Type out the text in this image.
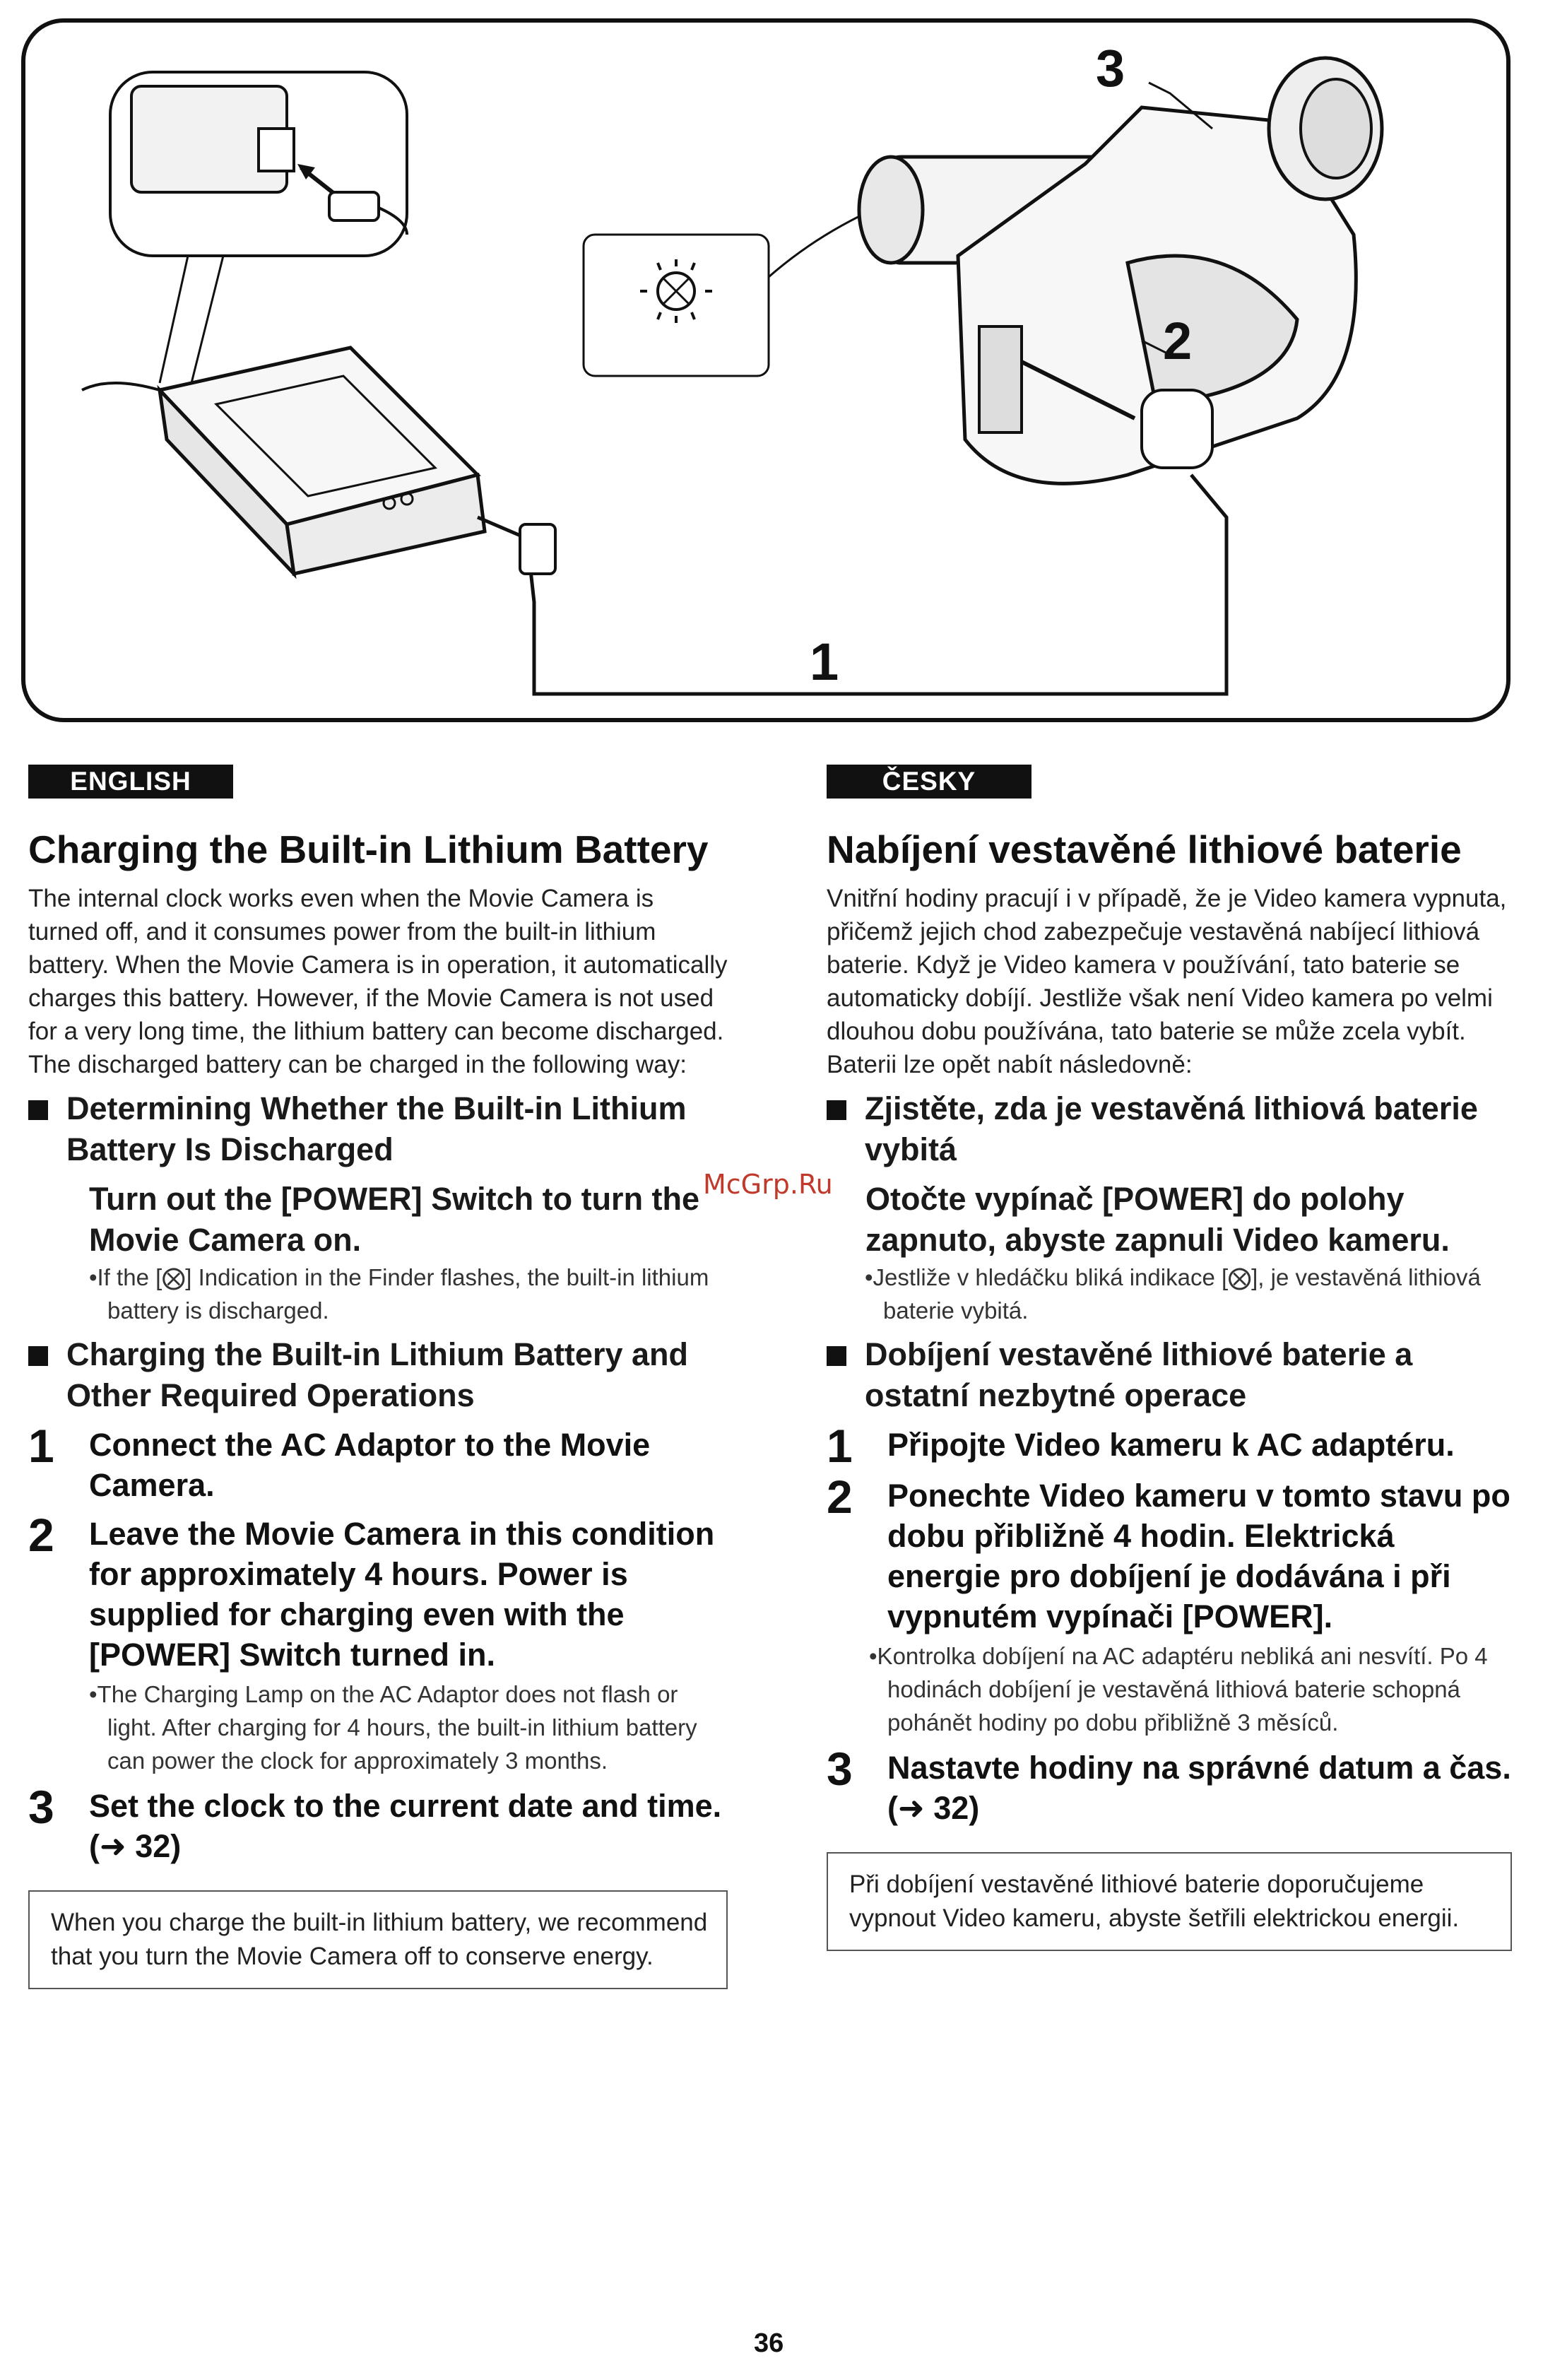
3
2
1
ENGLISH
Charging the Built-in Lithium Battery

The internal clock works even when the Movie Camera is turned off, and it consumes power from the built-in lithium battery. When the Movie Camera is in operation, it automatically charges this battery. However, if the Movie Camera is not used for a very long time, the lithium battery can become discharged. The discharged battery can be charged in the following way:

Determining Whether the Built-in Lithium Battery Is Discharged
Turn out the [POWER] Switch to turn the Movie Camera on.
•If the [⨂] Indication in the Finder flashes, the built-in lithium battery is discharged.
Charging the Built-in Lithium Battery and Other Required Operations
1	Connect the AC Adaptor to the Movie Camera.
2	Leave the Movie Camera in this condition for approximately 4 hours. Power is supplied for charging even with the [POWER] Switch turned in.
•The Charging Lamp on the AC Adaptor does not flash or light. After charging for 4 hours, the built-in lithium battery can power the clock for approximately 3 months.
3	Set the clock to the current date and time. (➜ 32)
When you charge the built-in lithium battery, we recommend that you turn the Movie Camera off to conserve energy.
ČESKY
Nabíjení vestavěné lithiové baterie

Vnitřní hodiny pracují i v případě, že je Video kamera vypnuta, přičemž jejich chod zabezpečuje vestavěná nabíjecí lithiová baterie. Když je Video kamera v používání, tato baterie se automaticky dobíjí. Jestliže však není Video kamera po velmi dlouhou dobu používána, tato baterie se může zcela vybít. Baterii lze opět nabít následovně:

Zjistěte, zda je vestavěná lithiová baterie vybitá
Otočte vypínač [POWER] do polohy zapnuto, abyste zapnuli Video kameru.
•Jestliže v hledáčku bliká indikace [⨂], je vestavěná lithiová baterie vybitá.
Dobíjení vestavěné lithiové baterie a ostatní nezbytné operace
1	Připojte Video kameru k AC adaptéru.
2	Ponechte Video kameru v tomto stavu po dobu přibližně 4 hodin. Elektrická energie pro dobíjení je dodávána i při vypnutém vypínači [POWER].
•Kontrolka dobíjení na AC adaptéru nebliká ani nesvítí. Po 4 hodinách dobíjení je vestavěná lithiová baterie schopná pohánět hodiny po dobu přibližně 3 měsíců.
3	Nastavte hodiny na správné datum a čas. (➜ 32)
Při dobíjení vestavěné lithiové baterie doporučujeme vypnout Video kameru, abyste šetřili elektrickou energii.
McGrp.Ru
36
